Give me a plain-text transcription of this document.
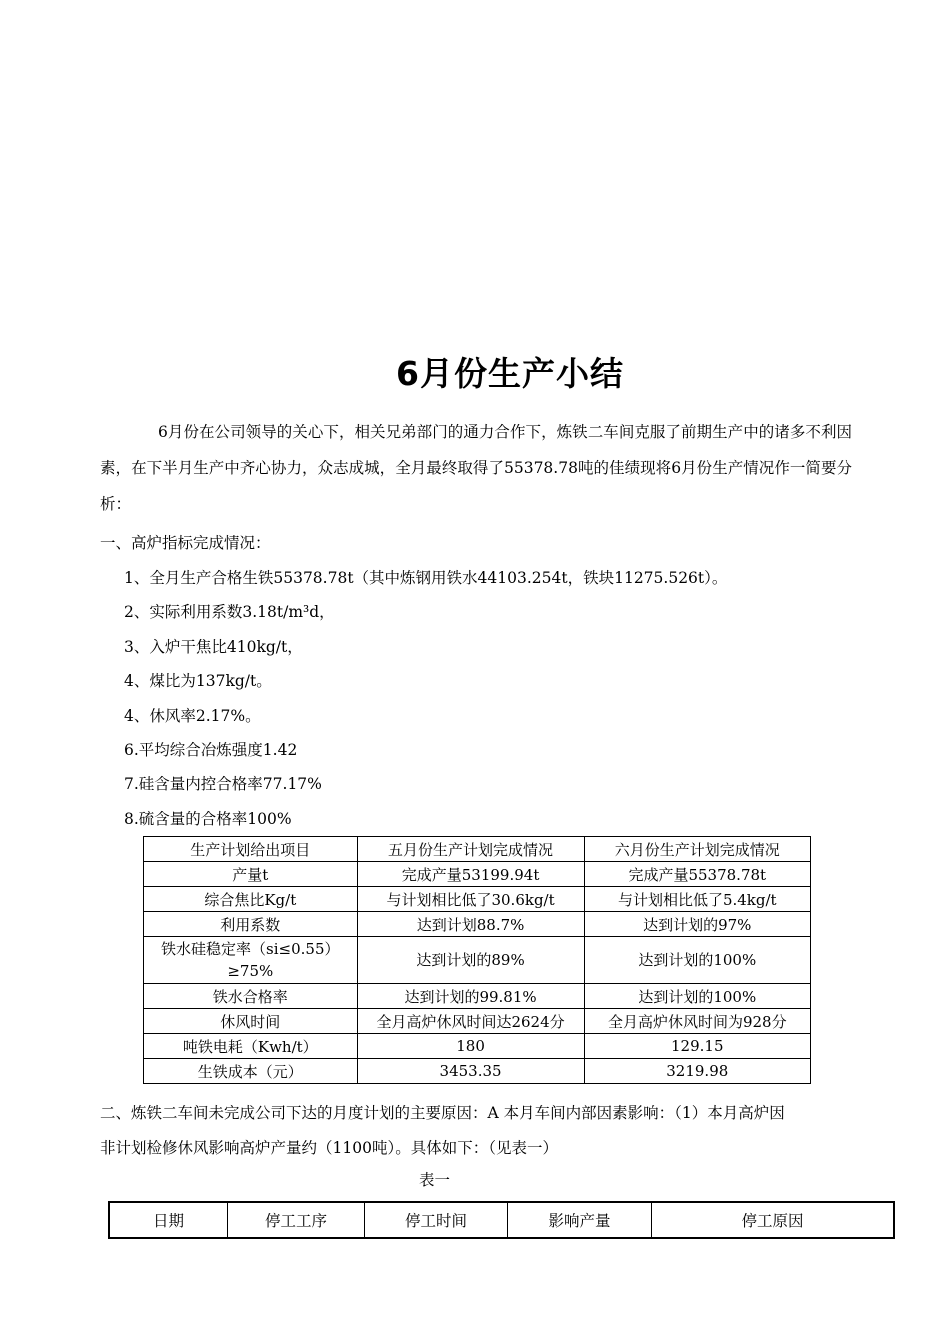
6月份生产小结
6月份在公司领导的关心下，相关兄弟部门的通力合作下，炼铁二车间克服了前期生产中的诸多不利因素，在下半月生产中齐心协力，众志成城，全月最终取得了55378.78吨的佳绩现将6月份生产情况作一简要分析：
一、高炉指标完成情况：
1、全月生产合格生铁55378.78t（其中炼钢用铁水44103.254t，铁块11275.526t）。
2、实际利用系数3.18t/m³d，
3、入炉干焦比410kg/t，
4、煤比为137kg/t。
4、休风率2.17%。
6.平均综合冶炼强度1.42
7.硅含量内控合格率77.17%
8.硫含量的合格率100%
生产计划给出项目	五月份生产计划完成情况	六月份生产计划完成情况
产量t	完成产量53199.94t	完成产量55378.78t
综合焦比Kg/t	与计划相比低了30.6kg/t	与计划相比低了5.4kg/t
利用系数	达到计划88.7%	达到计划的97%
铁水硅稳定率（si≤0.55）≥75%	达到计划的89%	达到计划的100%
铁水合格率	达到计划的99.81%	达到计划的100%
休风时间	全月高炉休风时间达2624分	全月高炉休风时间为928分
吨铁电耗（Kwh/t）	180	129.15
生铁成本（元）	3453.35	3219.98
二、炼铁二车间未完成公司下达的月度计划的主要原因：A 本月车间内部因素影响：（1）本月高炉因
非计划检修休风影响高炉产量约（1100吨）。具体如下：（见表一）
表一
日期	停工工序	停工时间	影响产量	停工原因
